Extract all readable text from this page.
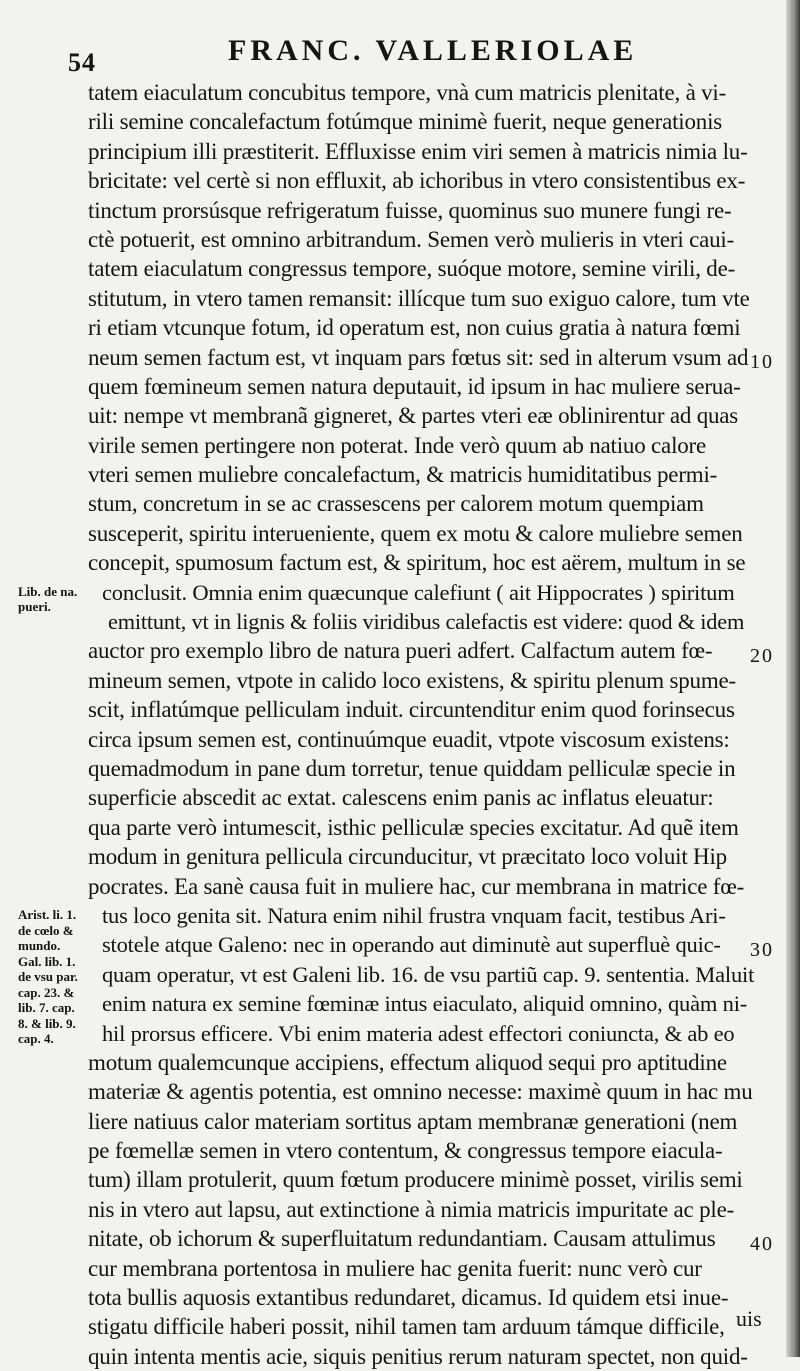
54	FRANC. VALLERIOLAE
tatem eiaculatum concubitus tempore, vnà cum matricis plenitate, à vi-
rili semine concalefactum fotúmque minimè fuerit, neque generationis
principium illi præstiterit. Effluxisse enim viri semen à matricis nimia lu-
bricitate: vel certè si non effluxit, ab ichoribus in vtero consistentibus ex-
tinctum prorsúsque refrigeratum fuisse, quominus suo munere fungi re-
ctè potuerit, est omnino arbitrandum. Semen verò mulieris in vteri caui-
tatem eiaculatum congressus tempore, suóque motore, semine virili, de-
stitutum, in vtero tamen remansit: illícque tum suo exiguo calore, tum vte
ri etiam vtcunque fotum, id operatum est, non cuius gratia à natura fœmi
neum semen factum est, vt inquam pars fœtus sit: sed in alterum vsum ad
quem fœmineum semen natura deputauit, id ipsum in hac muliere serua-
uit: nempe vt membranã gigneret, & partes vteri eæ oblinirentur ad quas
virile semen pertingere non poterat. Inde verò quum ab natiuo calore
vteri semen muliebre concalefactum, & matricis humiditatibus permi-
stum, concretum in se ac crassescens per calorem motum quempiam
susceperit, spiritu interueniente, quem ex motu & calore muliebre semen
concepit, spumosum factum est, & spiritum, hoc est aërem, multum in se
conclusit. Omnia enim quæcunque calefiunt ( ait Hippocrates ) spiritum
emittunt, vt in lignis & foliis viridibus calefactis est videre: quod & idem
auctor pro exemplo libro de natura pueri adfert. Calfactum autem fœ-
mineum semen, vtpote in calido loco existens, & spiritu plenum spume-
scit, inflatúmque pelliculam induit. circuntenditur enim quod forinsecus
circa ipsum semen est, continuúmque euadit, vtpote viscosum existens:
quemadmodum in pane dum torretur, tenue quiddam pelliculæ specie in
superficie abscedit ac extat. calescens enim panis ac inflatus eleuatur:
qua parte verò intumescit, isthic pelliculæ species excitatur. Ad quẽ item
modum in genitura pellicula circunducitur, vt præcitato loco voluit Hip
pocrates. Ea sanè causa fuit in muliere hac, cur membrana in matrice fœ-
tus loco genita sit. Natura enim nihil frustra vnquam facit, testibus Ari-
stotele atque Galeno: nec in operando aut diminutè aut superfluè quic-
quam operatur, vt est Galeni lib. 16. de vsu partiũ cap. 9. sententia. Maluit
enim natura ex semine fœminæ intus eiaculato, aliquid omnino, quàm ni-
hil prorsus efficere. Vbi enim materia adest effectori coniuncta, & ab eo
motum qualemcunque accipiens, effectum aliquod sequi pro aptitudine
materiæ & agentis potentia, est omnino necesse: maximè quum in hac mu
liere natiuus calor materiam sortitus aptam membranæ generationi (nem
pe fœmellæ semen in vtero contentum, & congressus tempore eiacula-
tum) illam protulerit, quum fœtum producere minimè posset, virilis semi
nis in vtero aut lapsu, aut extinctione à nimia matricis impuritate ac ple-
nitate, ob ichorum & superfluitatum redundantiam. Causam attulimus
cur membrana portentosa in muliere hac genita fuerit: nunc verò cur
tota bullis aquosis extantibus redundaret, dicamus. Id quidem etsi inue-
stigatu difficile haberi possit, nihil tamen tam arduum támque difficile,
quin intenta mentis acie, siquis penitius rerum naturam spectet, non quid-
Lib. de na.
pueri.
Arist. li. 1.
de cœlo &
mundo.
Gal. lib. 1.
de vsu par.
cap. 23. &
lib. 7. cap.
8. & lib. 9.
cap. 4.
10
20
30
40
uis
